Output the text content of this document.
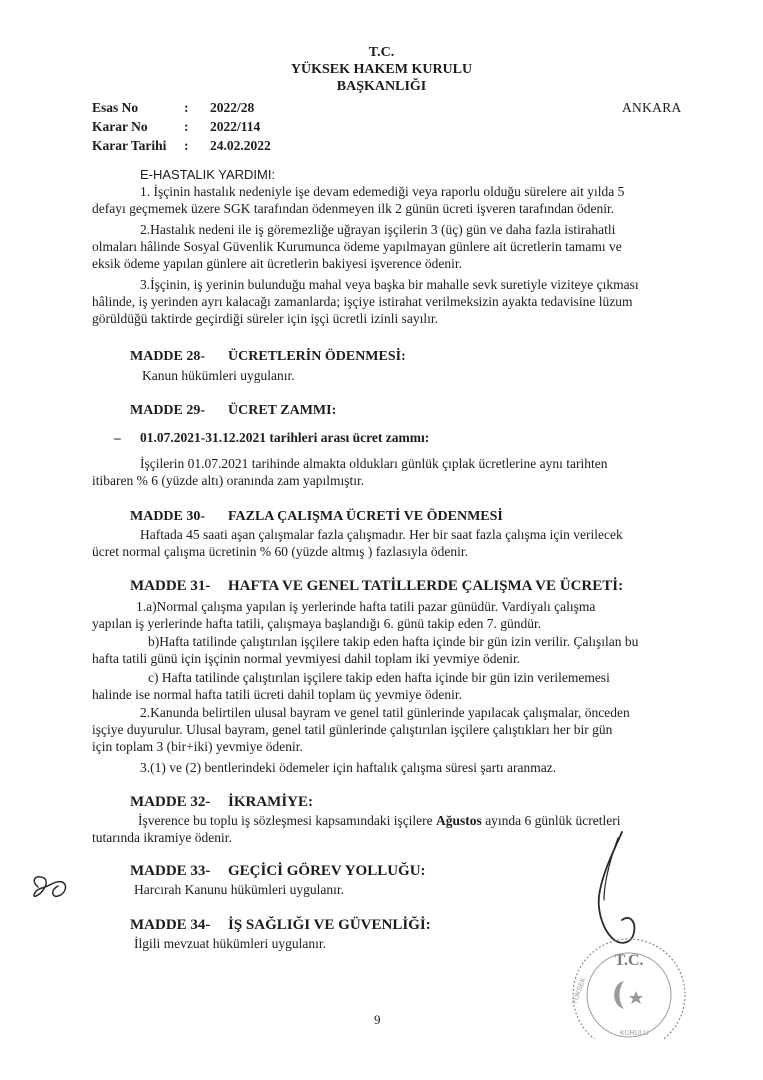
T.C.
YÜKSEK HAKEM KURULU
BAŞKANLIĞI
Esas No	:	2022/28
Karar No	:	2022/114
Karar Tarihi	:	24.02.2022
ANKARA
E-HASTALIK YARDIMI:
1. İşçinin hastalık nedeniyle işe devam edemediği veya raporlu olduğu sürelere ait yılda 5
defayı geçmemek üzere SGK tarafından ödenmeyen ilk 2 günün ücreti işveren tarafından ödenir.
2.Hastalık nedeni ile iş göremezliğe uğrayan işçilerin 3 (üç) gün ve daha fazla istirahatli
olmaları hâlinde Sosyal Güvenlik Kurumunca ödeme yapılmayan günlere ait ücretlerin tamamı ve
eksik ödeme yapılan günlere ait ücretlerin bakiyesi işverence ödenir.
3.İşçinin, iş yerinin bulunduğu mahal veya başka bir mahalle sevk suretiyle viziteye çıkması
hâlinde, iş yerinden ayrı kalacağı zamanlarda; işçiye istirahat verilmeksizin ayakta tedavisine lüzum
görüldüğü taktirde geçirdiği süreler için işçi ücretli izinli sayılır.
MADDE 28- ÜCRETLERİN ÖDENMESİ:
Kanun hükümleri uygulanır.
MADDE 29- ÜCRET ZAMMI:
– 01.07.2021-31.12.2021 tarihleri arası ücret zammı:
İşçilerin 01.07.2021 tarihinde almakta oldukları günlük çıplak ücretlerine aynı tarihten
itibaren % 6 (yüzde altı) oranında zam yapılmıştır.
MADDE 30- FAZLA ÇALIŞMA ÜCRETİ VE ÖDENMESİ
Haftada 45 saati aşan çalışmalar fazla çalışmadır. Her bir saat fazla çalışma için verilecek
ücret normal çalışma ücretinin % 60 (yüzde altmış ) fazlasıyla ödenir.
MADDE 31- HAFTA VE GENEL TATİLLERDE ÇALIŞMA VE ÜCRETİ:
1.a)Normal çalışma yapılan iş yerlerinde hafta tatili pazar günüdür. Vardiyalı çalışma
yapılan iş yerlerinde hafta tatili, çalışmaya başlandığı 6. günü takip eden 7. gündür.
b)Hafta tatilinde çalıştırılan işçilere takip eden hafta içinde bir gün izin verilir. Çalışılan bu
hafta tatili günü için işçinin normal yevmiyesi dahil toplam iki yevmiye ödenir.
c) Hafta tatilinde çalıştırılan işçilere takip eden hafta içinde bir gün izin verilememesi
halinde ise normal hafta tatili ücreti dahil toplam üç yevmiye ödenir.
2.Kanunda belirtilen ulusal bayram ve genel tatil günlerinde yapılacak çalışmalar, önceden
işçiye duyurulur. Ulusal bayram, genel tatil günlerinde çalıştırılan işçilere çalıştıkları her bir gün
için toplam 3 (bir+iki) yevmiye ödenir.
3.(1) ve (2) bentlerindeki ödemeler için haftalık çalışma süresi şartı aranmaz.
MADDE 32- İKRAMİYE:
İşverence bu toplu iş sözleşmesi kapsamındaki işçilere Ağustos ayında 6 günlük ücretleri
tutarında ikramiye ödenir.
MADDE 33- GEÇİCİ GÖREV YOLLUĞU:
Harcırah Kanunu hükümleri uygulanır.
MADDE 34- İŞ SAĞLIĞI VE GÜVENLİĞİ:
İlgili mevzuat hükümleri uygulanır.
9
T.C.
YÜKSEK
KURULU
